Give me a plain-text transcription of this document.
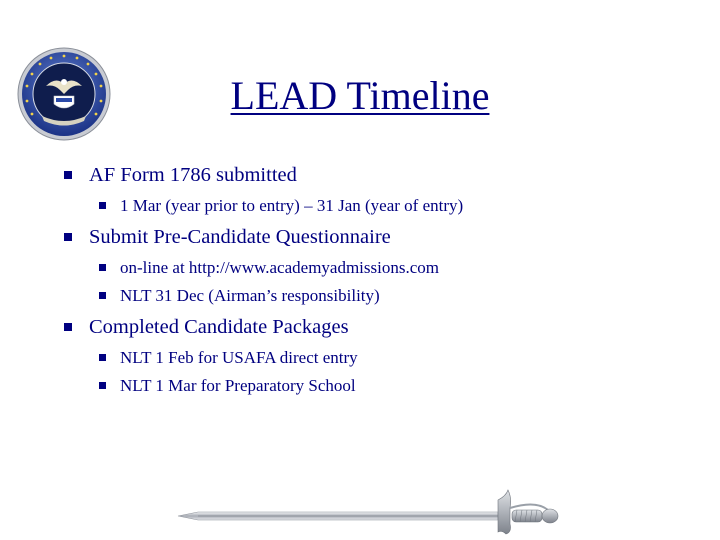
LEAD Timeline
AF Form 1786 submitted
1 Mar (year prior to entry) – 31 Jan (year of entry)
Submit Pre-Candidate Questionnaire
on-line at http://www.academyadmissions.com
NLT 31 Dec (Airman’s responsibility)
Completed Candidate Packages
NLT 1 Feb for USAFA direct entry
NLT 1 Mar for Preparatory School
